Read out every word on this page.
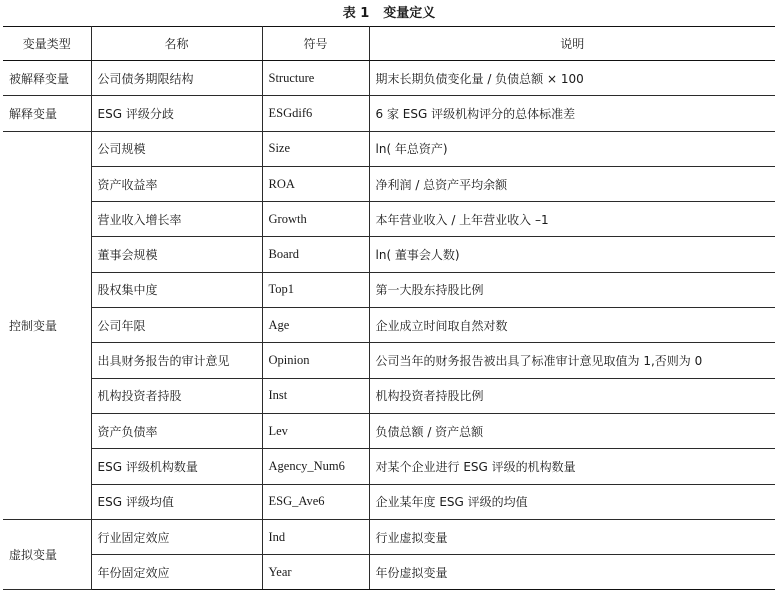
表 1 变量定义
变量类型	名称	符号	说明
被解释变量	公司债务期限结构	Structure	期末长期负债变化量 / 负债总额 × 100
解释变量	ESG 评级分歧	ESGdif6	6 家 ESG 评级机构评分的总体标准差
控制变量	公司规模	Size	ln( 年总资产)
	资产收益率	ROA	净利润 / 总资产平均余额
	营业收入增长率	Growth	本年营业收入 / 上年营业收入 –1
	董事会规模	Board	ln( 董事会人数)
	股权集中度	Top1	第一大股东持股比例
	公司年限	Age	企业成立时间取自然对数
	出具财务报告的审计意见	Opinion	公司当年的财务报告被出具了标准审计意见取值为 1,否则为 0
	机构投资者持股	Inst	机构投资者持股比例
	资产负债率	Lev	负债总额 / 资产总额
	ESG 评级机构数量	Agency_Num6	对某个企业进行 ESG 评级的机构数量
	ESG 评级均值	ESG_Ave6	企业某年度 ESG 评级的均值
虚拟变量	行业固定效应	Ind	行业虚拟变量
	年份固定效应	Year	年份虚拟变量
